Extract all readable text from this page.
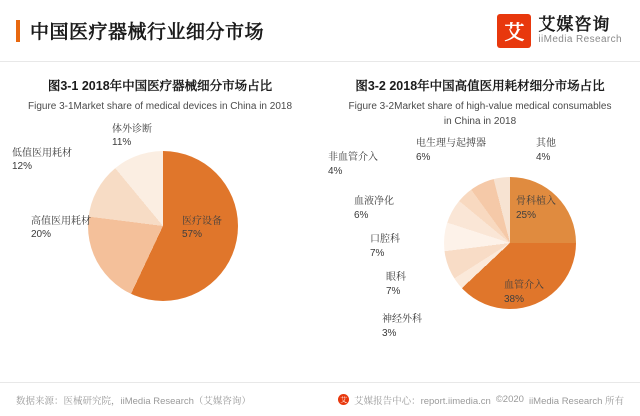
中国医疗器械行业细分市场	艾 艾媒咨询
iiMedia Research
图3-1 2018年中国医疗器械细分市场占比
Figure 3-1Market share of medical devices in China in 2018
医疗设备
57%
高值医用耗材
20%
低值医用耗材
12%
体外诊断
11%
图3-2 2018年中国高值医用耗材细分市场占比
Figure 3-2Market share of high-value medical consumables in China in 2018
骨科植入
25%
血管介入
38%
其他
4%
电生理与起搏器
6%
非血管介入
4%
血液净化
6%
口腔科
7%
眼科
7%
神经外科
3%
数据来源：医械研究院，iiMedia Research（艾媒咨询）	艾 艾媒报告中心：report.iimedia.cn ©2020 iiMedia Research 所有
